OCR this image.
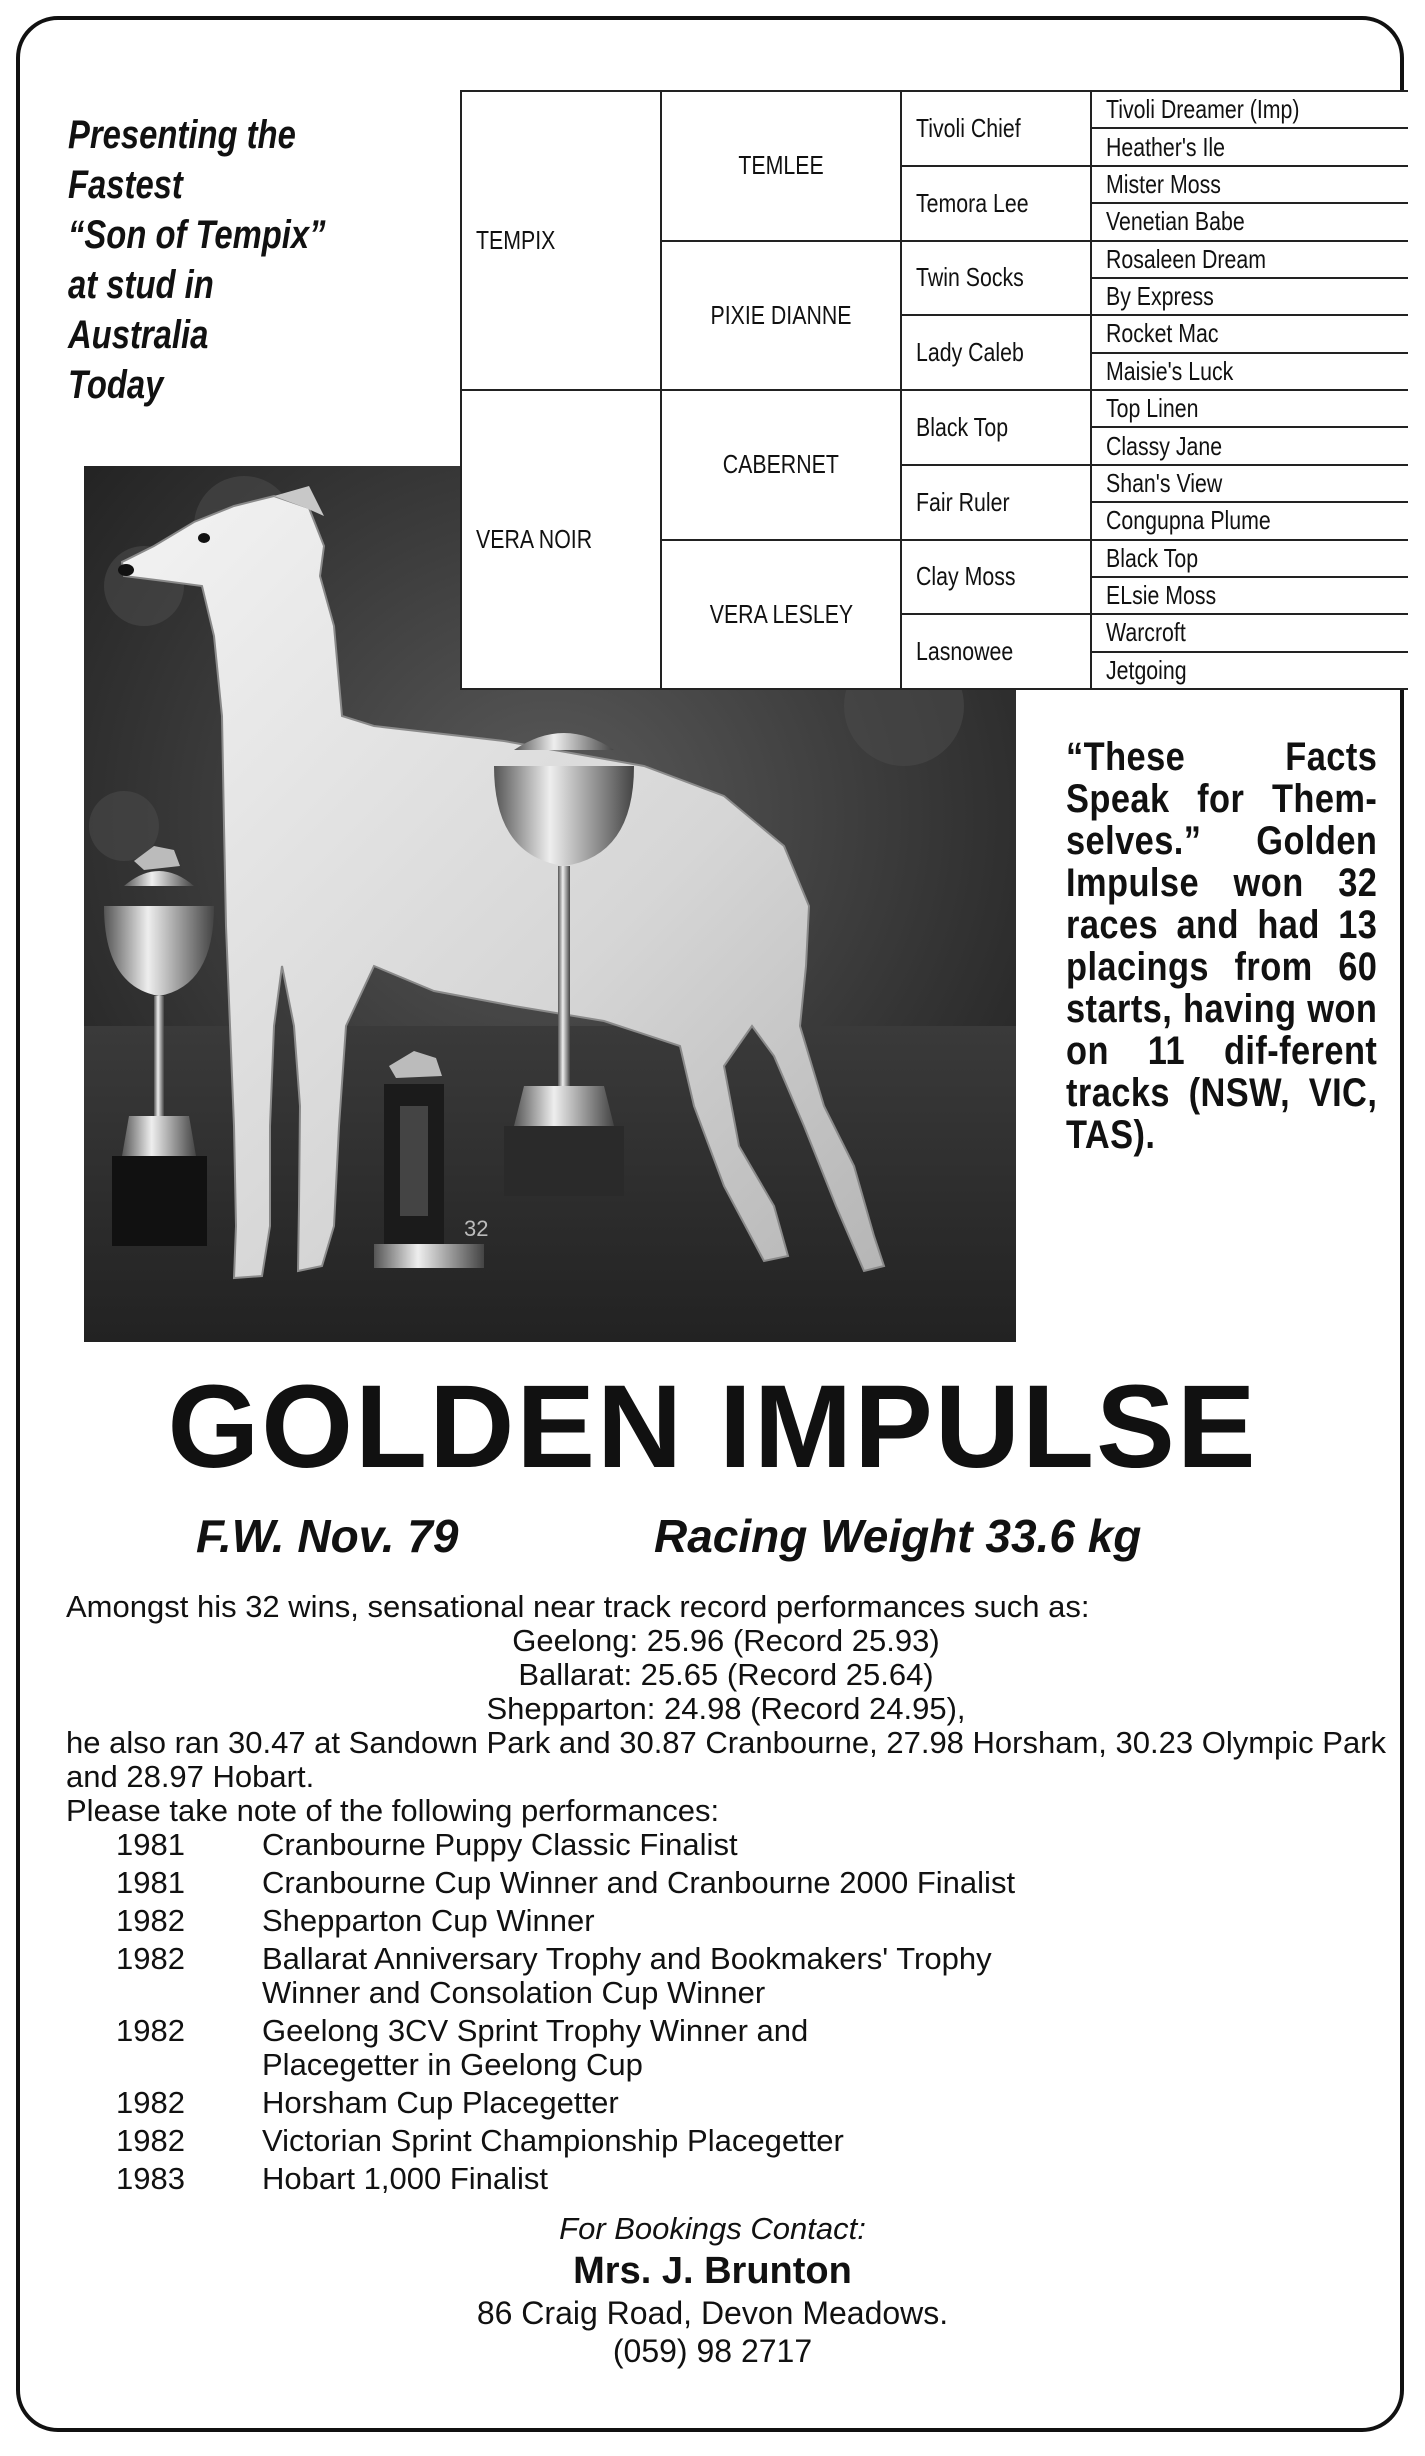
Presenting the
Fastest
“Son of Tempix”
at stud in
Australia
Today
32
TEMPIX	TEMLEE	Tivoli Chief	Tivoli Dreamer (Imp)
			Heather's Ile
		Temora Lee	Mister Moss
			Venetian Babe
	PIXIE DIANNE	Twin Socks	Rosaleen Dream
			By Express
		Lady Caleb	Rocket Mac
			Maisie's Luck
VERA NOIR	CABERNET	Black Top	Top Linen
			Classy Jane
		Fair Ruler	Shan's View
			Congupna Plume
	VERA LESLEY	Clay Moss	Black Top
			ELsie Moss
		Lasnowee	Warcroft
			Jetgoing
“These Facts Speak for Them-selves.” Golden Impulse won 32 races and had 13 placings from 60 starts, having won on 11 dif-ferent tracks (NSW, VIC, TAS).
GOLDEN IMPULSE
F.W. Nov. 79	Racing Weight 33.6 kg
Amongst his 32 wins, sensational near track record performances such as:
Geelong: 25.96 (Record 25.93)
Ballarat: 25.65 (Record 25.64)
Shepparton: 24.98 (Record 24.95),
he also ran 30.47 at Sandown Park and 30.87 Cranbourne, 27.98 Horsham, 30.23 Olympic Park and 28.97 Hobart.
Please take note of the following performances:
1981	Cranbourne Puppy Classic Finalist
1981	Cranbourne Cup Winner and Cranbourne 2000 Finalist
1982	Shepparton Cup Winner
1982	Ballarat Anniversary Trophy and Bookmakers' Trophy Winner and Consolation Cup Winner
1982	Geelong 3CV Sprint Trophy Winner and Placegetter in Geelong Cup
1982	Horsham Cup Placegetter
1982	Victorian Sprint Championship Placegetter
1983	Hobart 1,000 Finalist
For Bookings Contact:
Mrs. J. Brunton
86 Craig Road, Devon Meadows.
(059) 98 2717
